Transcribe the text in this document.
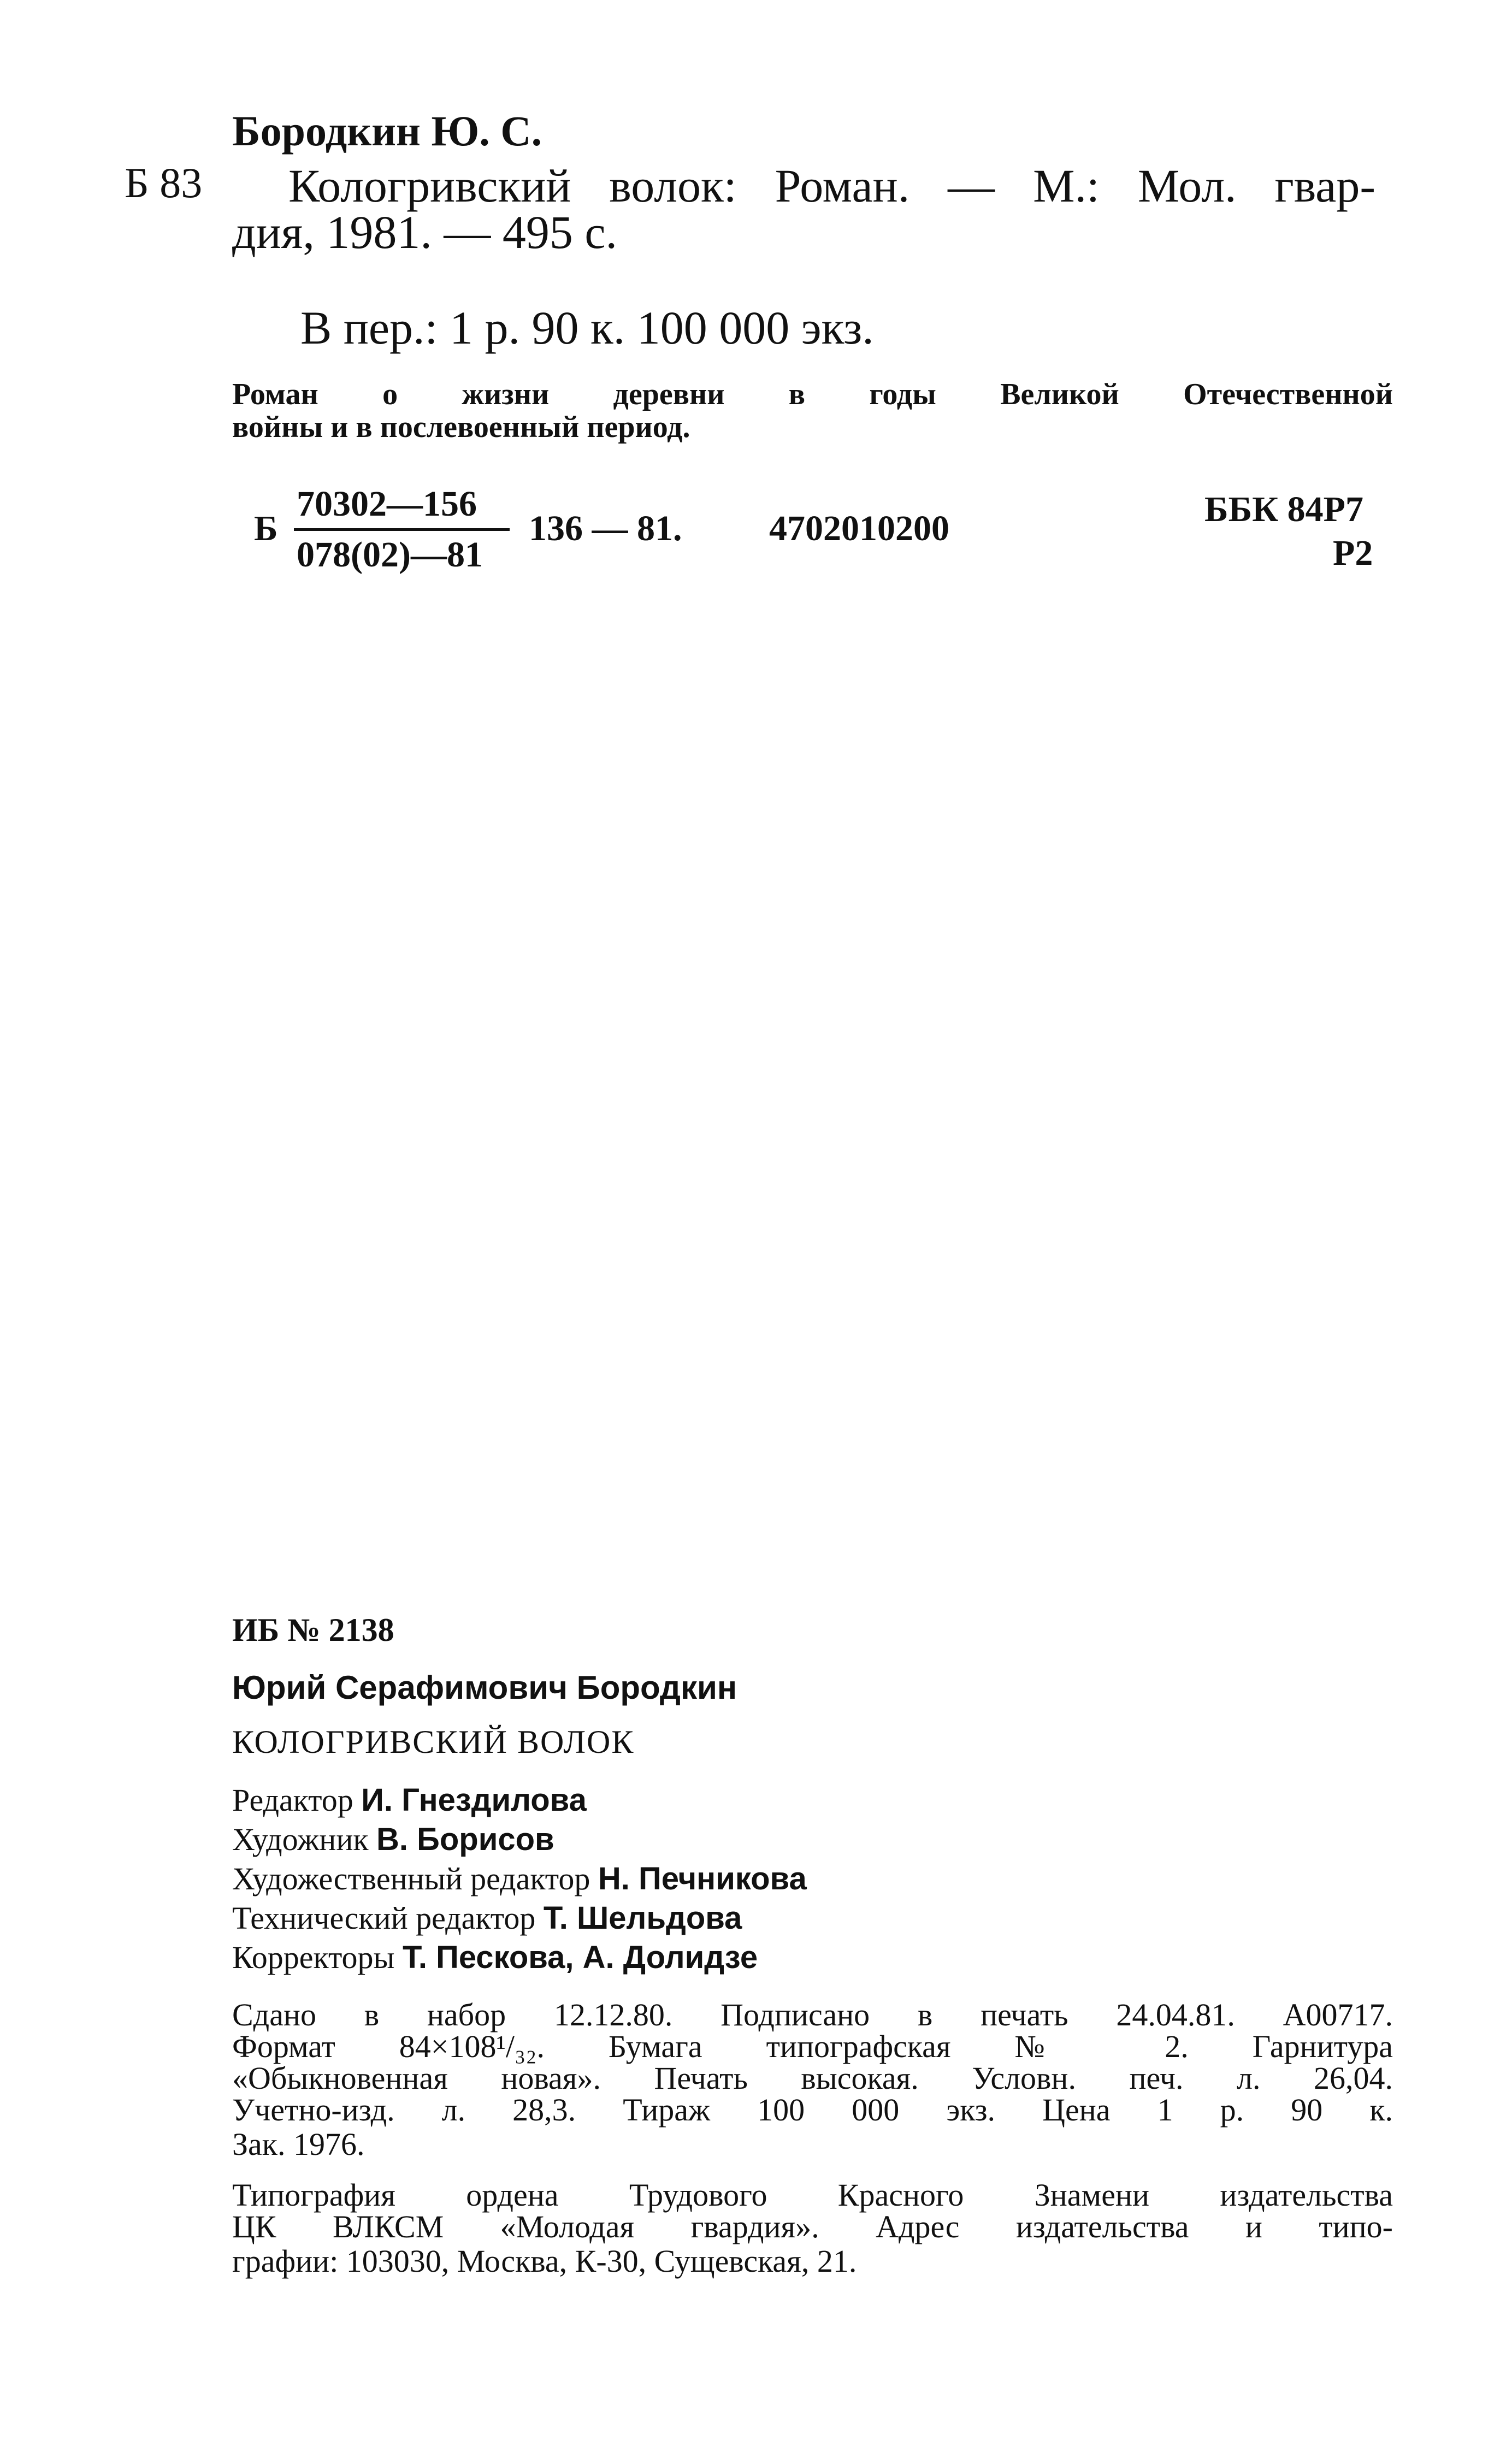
Бородкин Ю. С.
Б 83 Кологривский волок: Роман. — М.: Мол. гвар-
дия, 1981. — 495 с.
В пер.: 1 р. 90 к. 100 000 экз.
Роман о жизни деревни в годы Великой Отечественной
войны и в послевоенный период.
Б
70302—156
078(02)—81
136 — 81. 4702010200	ББК 84Р7
Р2
ИБ № 2138
Юрий Серафимович Бородкин
КОЛОГРИВСКИЙ ВОЛОК
Редактор И. Гнездилова
Художник В. Борисов
Художественный редактор Н. Печникова
Технический редактор Т. Шельдова
Корректоры Т. Пескова, А. Долидзе
Сдано в набор 12.12.80. Подписано в печать 24.04.81. А00717.
Формат 84×108¹/₃₂. Бумага типографская № 2. Гарнитура
«Обыкновенная новая». Печать высокая. Условн. печ. л. 26,04.
Учетно-изд. л. 28,3. Тираж 100 000 экз. Цена 1 р. 90 к.
Зак. 1976.
Типография ордена Трудового Красного Знамени издательства
ЦК ВЛКСМ «Молодая гвардия». Адрес издательства и типо-
графии: 103030, Москва, К-30, Сущевская, 21.
